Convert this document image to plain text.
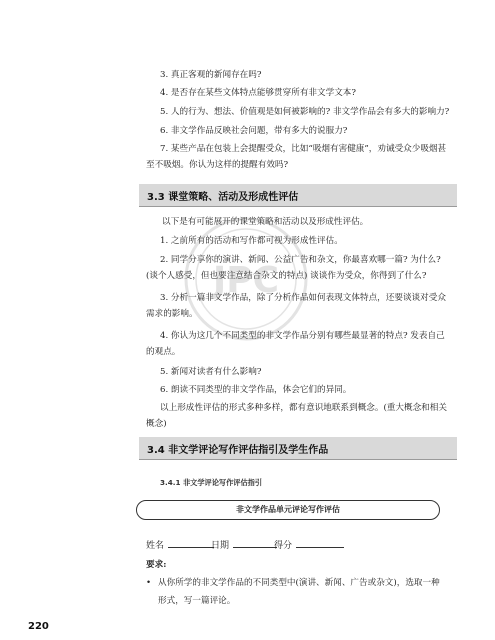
3. 真正客观的新闻存在吗?
4. 是否存在某些文体特点能够贯穿所有非文学文本?
5. 人的行为、想法、价值观是如何被影响的? 非文学作品会有多大的影响力?
6. 非文学作品反映社会问题，带有多大的说服力?
7. 某些产品在包装上会提醒受众，比如“吸烟有害健康”，劝诫受众少吸烟甚至不吸烟。你认为这样的提醒有效吗?
3.3 课堂策略、活动及形成性评估
以下是有可能展开的课堂策略和活动以及形成性评估。
1. 之前所有的活动和写作都可视为形成性评估。
2. 同学分享你的演讲、新闻、公益广告和杂文，你最喜欢哪一篇? 为什么? (谈个人感受，但也要注意结合杂文的特点) 谈谈作为受众，你得到了什么?
3. 分析一篇非文学作品，除了分析作品如何表现文体特点，还要谈谈对受众需求的影响。
4. 你认为这几个不同类型的非文学作品分别有哪些最显著的特点? 发表自己的观点。
5. 新闻对读者有什么影响?
6. 朗读不同类型的非文学作品，体会它们的异同。
以上形成性评估的形式多种多样，都有意识地联系到概念。(重大概念和相关概念)
JPC
3.4 非文学评论写作评估指引及学生作品
3.4.1 非文学评论写作评估指引
非文学作品单元评论写作评估
姓名	日期	得分
要求:
• 从你所学的非文学作品的不同类型中(演讲、新闻、广告或杂文)，选取一种形式，写一篇评论。
220
